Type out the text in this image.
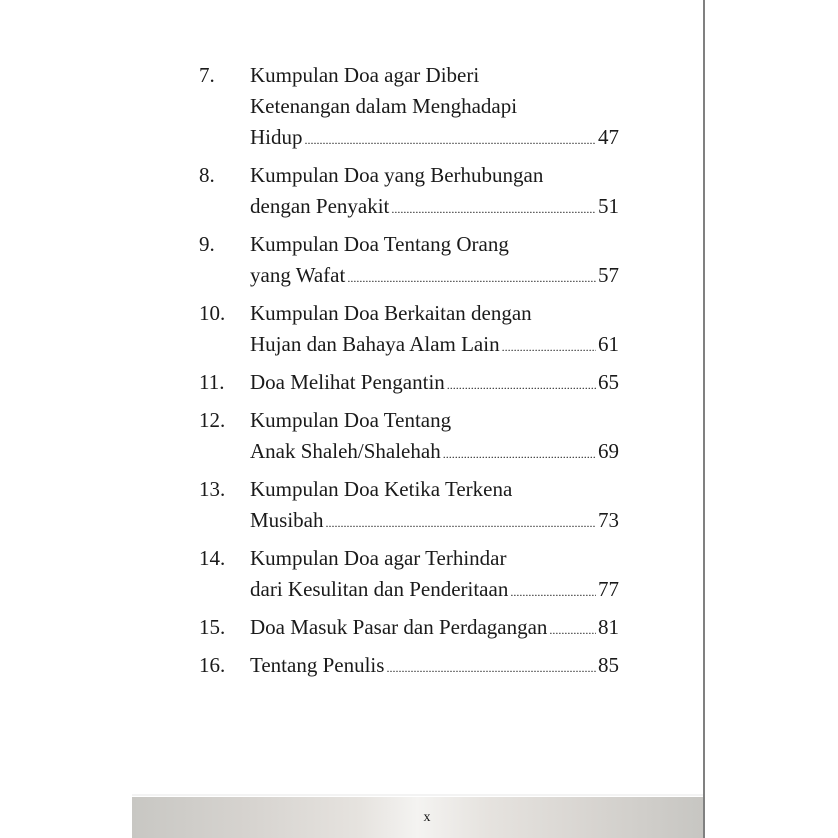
7.	Kumpulan Doa agar Diberi
Ketenangan dalam Menghadapi
Hidup .....	47
8.	Kumpulan Doa yang Berhubungan
dengan Penyakit .....	51
9.	Kumpulan Doa Tentang Orang
yang Wafat .....	57
10.	Kumpulan Doa Berkaitan dengan
Hujan dan Bahaya Alam Lain .....	61
11.	Doa Melihat Pengantin .....	65
12.	Kumpulan Doa Tentang
Anak Shaleh/Shalehah .....	69
13.	Kumpulan Doa Ketika Terkena
Musibah .....	73
14.	Kumpulan Doa agar Terhindar
dari Kesulitan dan Penderitaan .....	77
15.	Doa Masuk Pasar dan Perdagangan ..... 81
16.	Tentang Penulis .....	85
x
